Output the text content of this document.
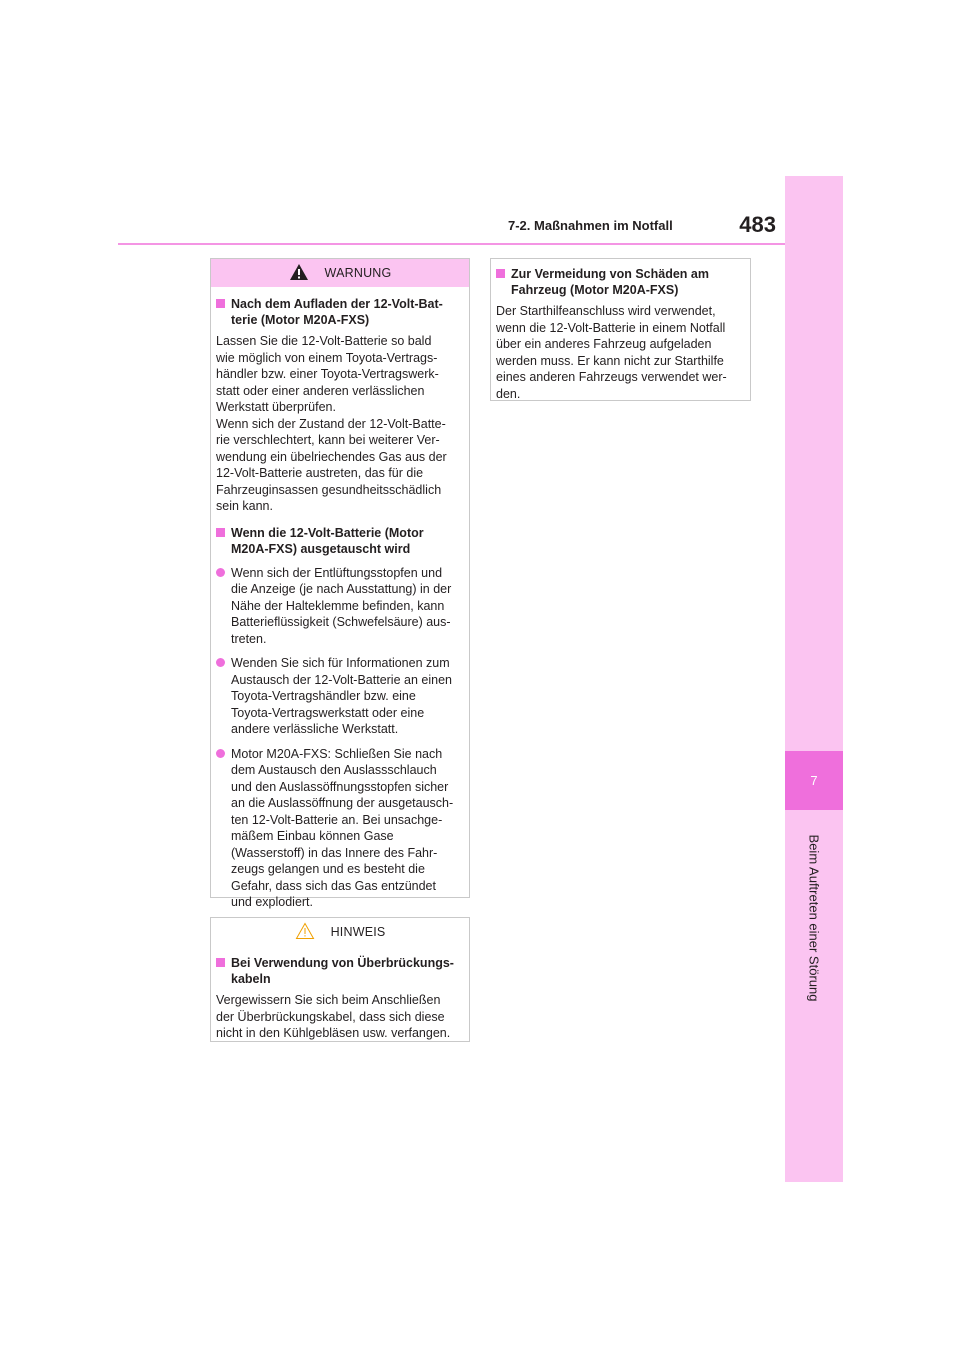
7
Beim Auftreten einer Störung
7-2. Maßnahmen im Notfall	483
WARNUNG
Nach dem Aufladen der 12-Volt-Bat-
terie (Motor M20A-FXS)
Lassen Sie die 12-Volt-Batterie so bald
wie möglich von einem Toyota-Vertrags-
händler bzw. einer Toyota-Vertragswerk-
statt oder einer anderen verlässlichen
Werkstatt überprüfen.
Wenn sich der Zustand der 12-Volt-Batte-
rie verschlechtert, kann bei weiterer Ver-
wendung ein übelriechendes Gas aus der
12-Volt-Batterie austreten, das für die
Fahrzeuginsassen gesundheitsschädlich
sein kann.
Wenn die 12-Volt-Batterie (Motor
M20A-FXS) ausgetauscht wird
Wenn sich der Entlüftungsstopfen und
die Anzeige (je nach Ausstattung) in der
Nähe der Halteklemme befinden, kann
Batterieflüssigkeit (Schwefelsäure) aus-
treten.
Wenden Sie sich für Informationen zum
Austausch der 12-Volt-Batterie an einen
Toyota-Vertragshändler bzw. eine
Toyota-Vertragswerkstatt oder eine
andere verlässliche Werkstatt.
Motor M20A-FXS: Schließen Sie nach
dem Austausch den Auslassschlauch
und den Auslassöffnungsstopfen sicher
an die Auslassöffnung der ausgetausch-
ten 12-Volt-Batterie an. Bei unsachge-
mäßem Einbau können Gase
(Wasserstoff) in das Innere des Fahr-
zeugs gelangen und es besteht die
Gefahr, dass sich das Gas entzündet
und explodiert.
HINWEIS
Bei Verwendung von Überbrückungs-
kabeln
Vergewissern Sie sich beim Anschließen
der Überbrückungskabel, dass sich diese
nicht in den Kühlgebläsen usw. verfangen.
Zur Vermeidung von Schäden am
Fahrzeug (Motor M20A-FXS)
Der Starthilfeanschluss wird verwendet,
wenn die 12-Volt-Batterie in einem Notfall
über ein anderes Fahrzeug aufgeladen
werden muss. Er kann nicht zur Starthilfe
eines anderen Fahrzeugs verwendet wer-
den.
